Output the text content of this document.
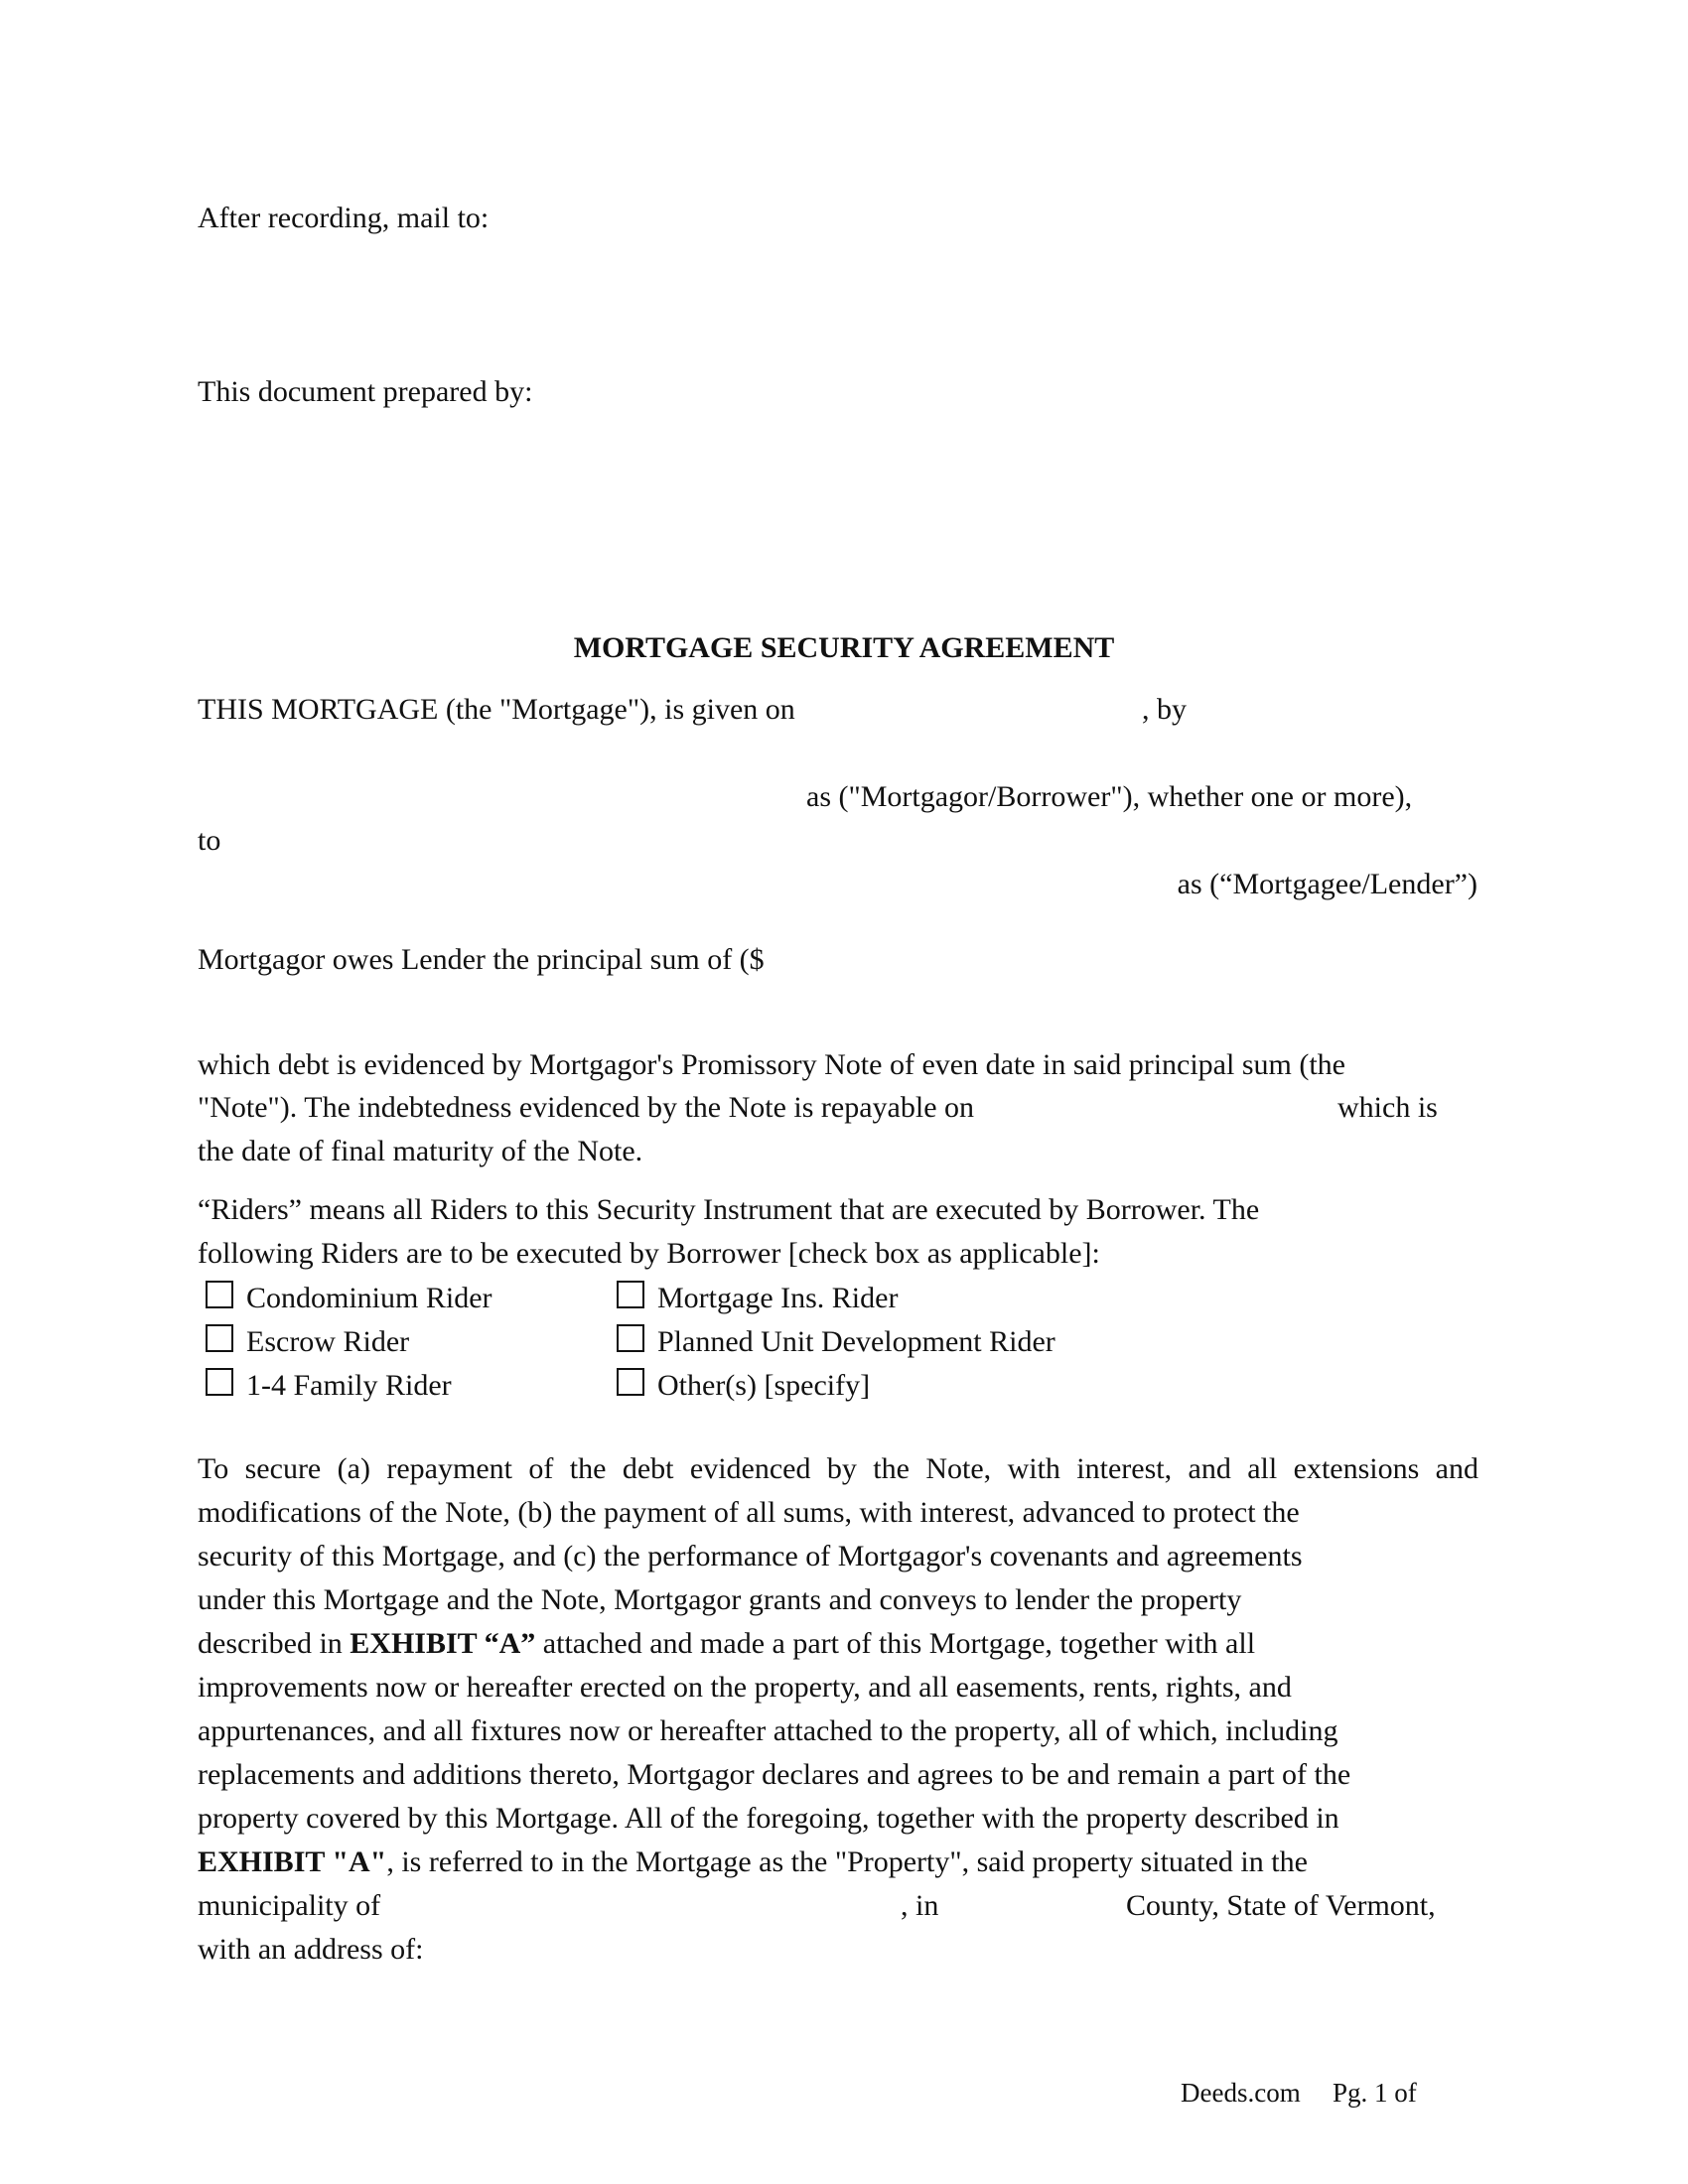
After recording, mail to:
This document prepared by:
MORTGAGE SECURITY AGREEMENT
THIS MORTGAGE (the "Mortgage"), is given on	, by
as ("Mortgagor/Borrower"), whether one or more),
to
as (“Mortgagee/Lender”)
Mortgagor owes Lender the principal sum of ($
which debt is evidenced by Mortgagor's Promissory Note of even date in said principal sum (the
"Note"). The indebtedness evidenced by the Note is repayable on	which is
the date of final maturity of the Note.
“Riders” means all Riders to this Security Instrument that are executed by Borrower. The
following Riders are to be executed by Borrower [check box as applicable]:
Condominium Rider	Mortgage Ins. Rider
Escrow Rider	Planned Unit Development Rider
1-4 Family Rider	Other(s) [specify]
To secure (a) repayment of the debt evidenced by the Note, with interest, and all extensions and
modifications of the Note, (b) the payment of all sums, with interest, advanced to protect the
security of this Mortgage, and (c) the performance of Mortgagor's covenants and agreements
under this Mortgage and the Note, Mortgagor grants and conveys to lender the property
described in EXHIBIT “A” attached and made a part of this Mortgage, together with all
improvements now or hereafter erected on the property, and all easements, rents, rights, and
appurtenances, and all fixtures now or hereafter attached to the property, all of which, including
replacements and additions thereto, Mortgagor declares and agrees to be and remain a part of the
property covered by this Mortgage. All of the foregoing, together with the property described in
EXHIBIT "A", is referred to in the Mortgage as the "Property", said property situated in the
municipality of	, in	County, State of Vermont,
with an address of:
Deeds.com Pg. 1 of
